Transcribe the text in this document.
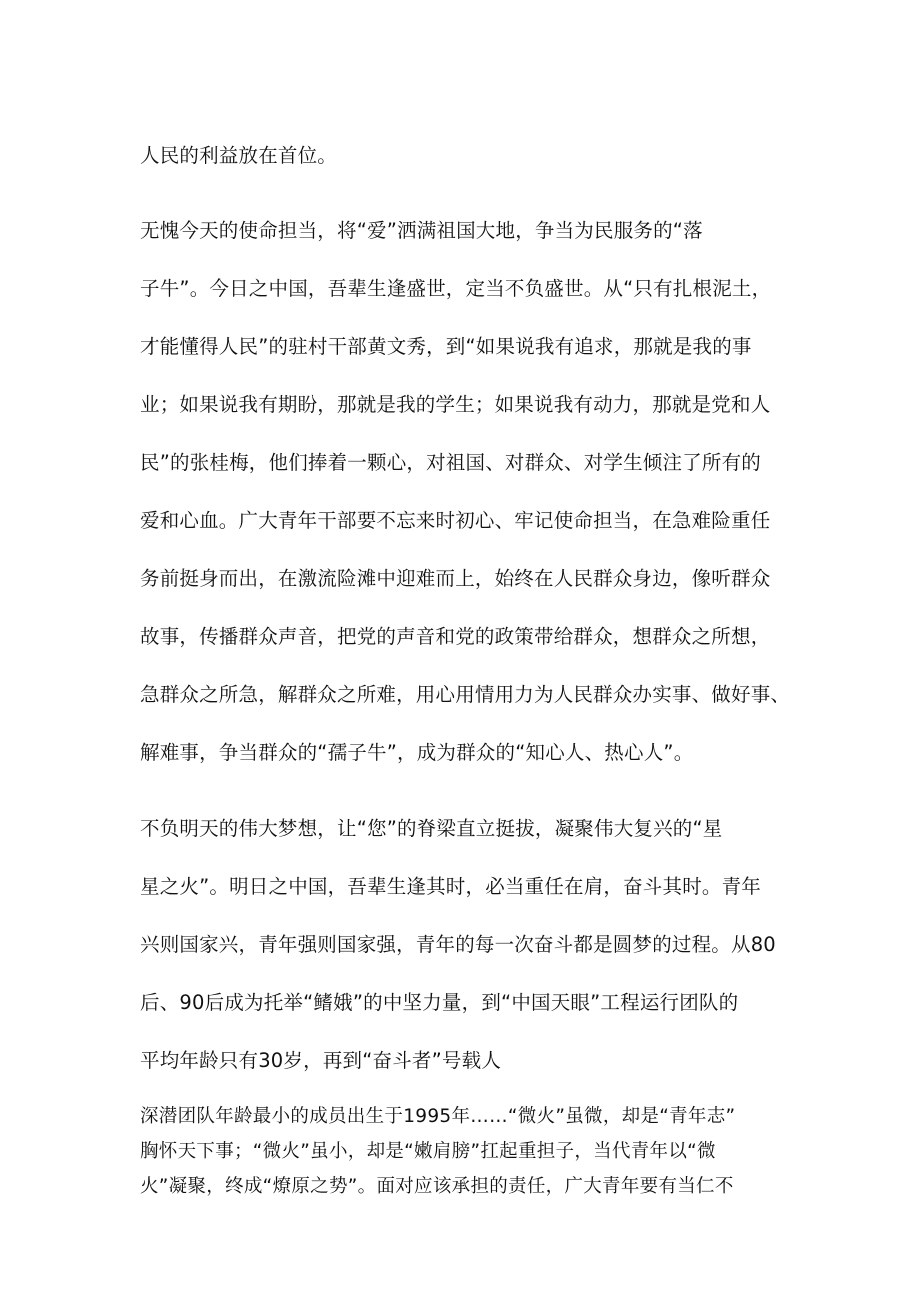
人民的利益放在首位。
无愧今天的使命担当，将“爱”洒满祖国大地，争当为民服务的“落
子牛”。今日之中国，吾辈生逢盛世，定当不负盛世。从“只有扎根泥土，
才能懂得人民”的驻村干部黄文秀，到“如果说我有追求，那就是我的事
业；如果说我有期盼，那就是我的学生；如果说我有动力，那就是党和人
民”的张桂梅，他们捧着一颗心，对祖国、对群众、对学生倾注了所有的
爱和心血。广大青年干部要不忘来时初心、牢记使命担当，在急难险重任
务前挺身而出，在激流险滩中迎难而上，始终在人民群众身边，像听群众
故事，传播群众声音，把党的声音和党的政策带给群众，想群众之所想，
急群众之所急，解群众之所难，用心用情用力为人民群众办实事、做好事、
解难事，争当群众的“孺子牛”，成为群众的“知心人、热心人”。
不负明天的伟大梦想，让“您”的脊梁直立挺拔，凝聚伟大复兴的“星
星之火”。明日之中国，吾辈生逢其时，必当重任在肩，奋斗其时。青年
兴则国家兴，青年强则国家强，青年的每一次奋斗都是圆梦的过程。从80
后、90后成为托举“鳍娥”的中坚力量，到“中国天眼”工程运行团队的
平均年龄只有30岁，再到“奋斗者”号载人
深潜团队年龄最小的成员出生于1995年……“微火”虽微，却是“青年志”
胸怀天下事；“微火”虽小，却是“嫩肩膀”扛起重担子，当代青年以“微
火”凝聚，终成“燎原之势”。面对应该承担的责任，广大青年要有当仁不
